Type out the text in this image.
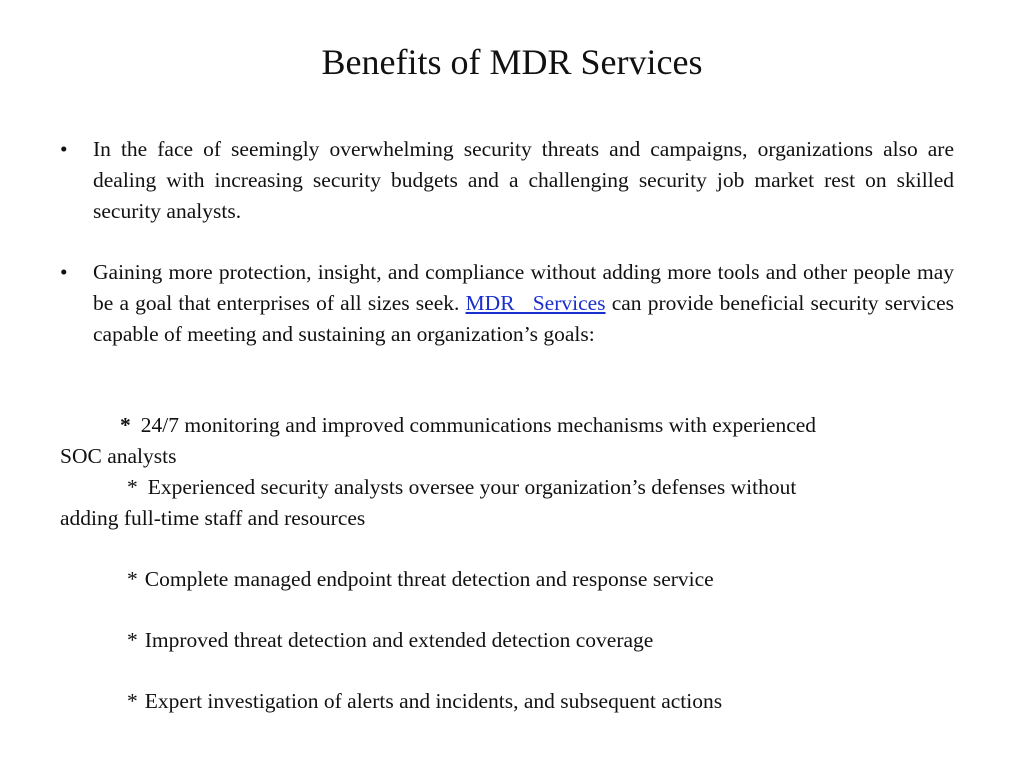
Benefits of MDR Services
•	In the face of seemingly overwhelming security threats and campaigns, organizations also are dealing with increasing security budgets and a challenging security job market rest on skilled security analysts.
•	Gaining more protection, insight, and compliance without adding more tools and other people may be a goal that enterprises of all sizes seek. MDR Services can provide beneficial security services capable of meeting and sustaining an organization’s goals:
* 24/7 monitoring and improved communications mechanisms with experienced
SOC analysts
* Experienced security analysts oversee your organization’s defenses without
adding full-time staff and resources
* Complete managed endpoint threat detection and response service
* Improved threat detection and extended detection coverage
* Expert investigation of alerts and incidents, and subsequent actions
